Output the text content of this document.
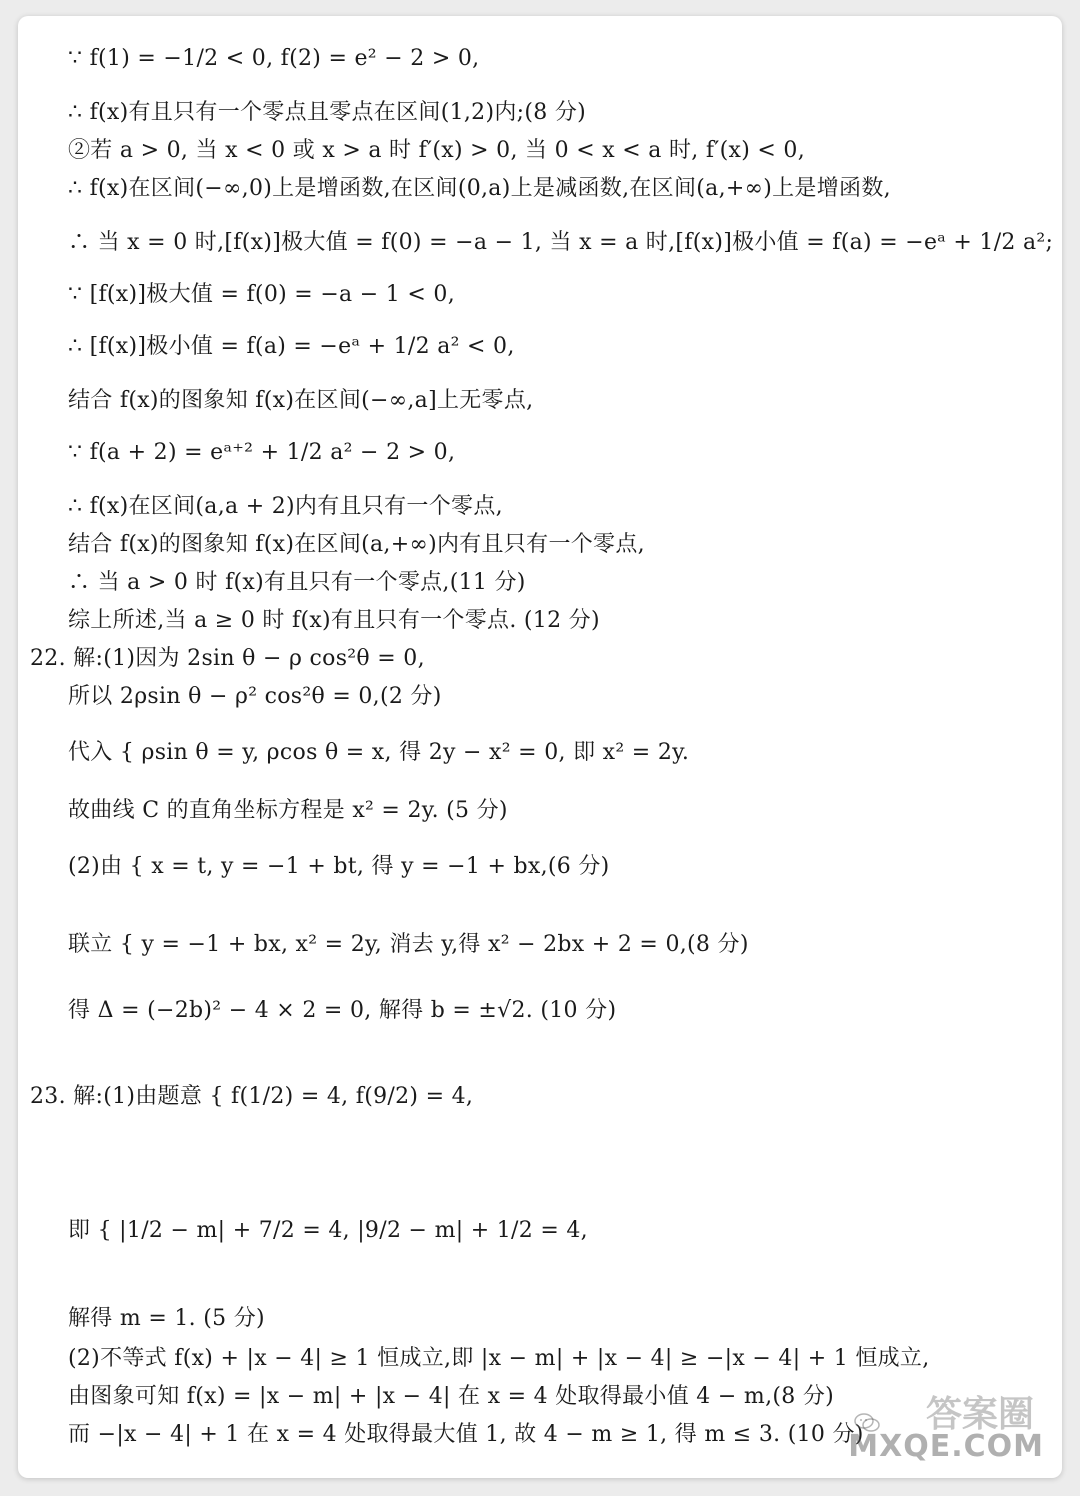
∵ f(1) = −1/2 < 0, f(2) = e² − 2 > 0,
∴ f(x)有且只有一个零点且零点在区间(1,2)内;(8 分)
②若 a > 0, 当 x < 0 或 x > a 时 f′(x) > 0, 当 0 < x < a 时, f′(x) < 0,
∴ f(x)在区间(−∞,0)上是增函数,在区间(0,a)上是减函数,在区间(a,+∞)上是增函数,
∴ 当 x = 0 时,[f(x)]极大值 = f(0) = −a − 1, 当 x = a 时,[f(x)]极小值 = f(a) = −eᵃ + 1/2 a²;
∵ [f(x)]极大值 = f(0) = −a − 1 < 0,
∴ [f(x)]极小值 = f(a) = −eᵃ + 1/2 a² < 0,
结合 f(x)的图象知 f(x)在区间(−∞,a]上无零点,
∵ f(a + 2) = eᵃ⁺² + 1/2 a² − 2 > 0,
∴ f(x)在区间(a,a + 2)内有且只有一个零点,
结合 f(x)的图象知 f(x)在区间(a,+∞)内有且只有一个零点,
∴ 当 a > 0 时 f(x)有且只有一个零点,(11 分)
综上所述,当 a ≥ 0 时 f(x)有且只有一个零点. (12 分)
22. 解:(1)因为 2sin θ − ρ cos²θ = 0,
所以 2ρsin θ − ρ² cos²θ = 0,(2 分)
代入 { ρsin θ = y, ρcos θ = x, 得 2y − x² = 0, 即 x² = 2y.
故曲线 C 的直角坐标方程是 x² = 2y. (5 分)
(2)由 { x = t, y = −1 + bt, 得 y = −1 + bx,(6 分)
联立 { y = −1 + bx, x² = 2y, 消去 y,得 x² − 2bx + 2 = 0,(8 分)
得 Δ = (−2b)² − 4 × 2 = 0, 解得 b = ±√2. (10 分)
23. 解:(1)由题意 { f(1/2) = 4, f(9/2) = 4,
即 { |1/2 − m| + 7/2 = 4, |9/2 − m| + 1/2 = 4,
解得 m = 1. (5 分)
(2)不等式 f(x) + |x − 4| ≥ 1 恒成立,即 |x − m| + |x − 4| ≥ −|x − 4| + 1 恒成立,
由图象可知 f(x) = |x − m| + |x − 4| 在 x = 4 处取得最小值 4 − m,(8 分)
而 −|x − 4| + 1 在 x = 4 处取得最大值 1, 故 4 − m ≥ 1, 得 m ≤ 3. (10 分) 答案圈
MXQE.COM
